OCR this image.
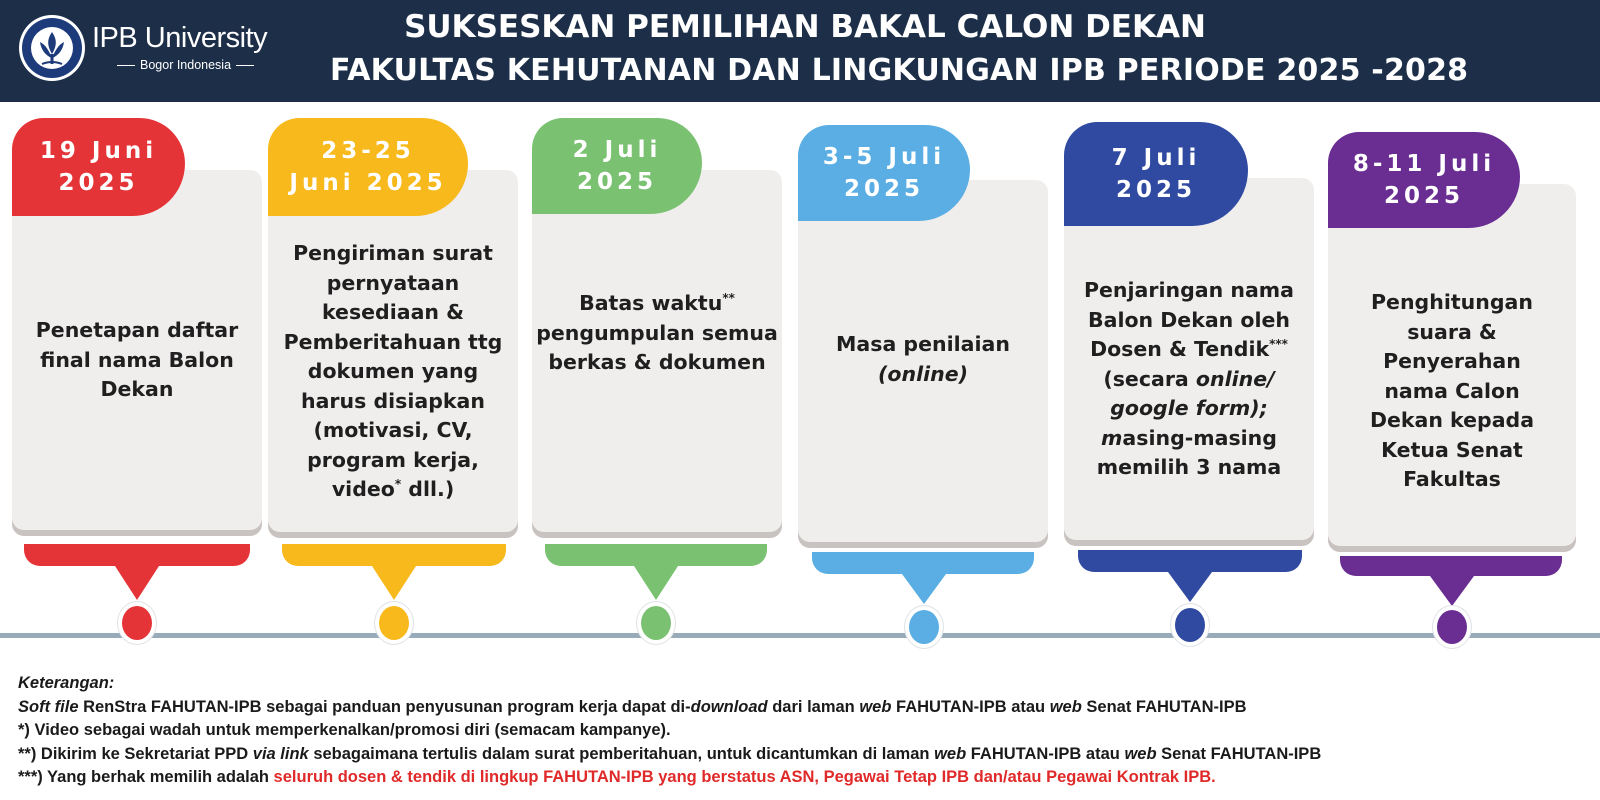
IPB University
Bogor Indonesia
SUKSESKAN PEMILIHAN BAKAL CALON DEKAN
FAKULTAS KEHUTANAN DAN LINGKUNGAN IPB PERIODE 2025 -2028
19 Juni
2025
Penetapan daftar
final nama Balon
Dekan
23-25
Juni 2025
Pengiriman surat
pernyataan
kesediaan &
Pemberitahuan ttg
dokumen yang
harus disiapkan
(motivasi, CV,
program kerja,
video* dll.)
2 Juli
2025
Batas waktu**
pengumpulan semua
berkas & dokumen
3-5 Juli
2025
Masa penilaian
(online)
7 Juli
2025
Penjaringan nama
Balon Dekan oleh
Dosen & Tendik***
(secara online/
google form);
masing-masing
memilih 3 nama
8-11 Juli
2025
Penghitungan
suara &
Penyerahan
nama Calon
Dekan kepada
Ketua Senat
Fakultas
Keterangan:
Soft file RenStra FAHUTAN-IPB sebagai panduan penyusunan program kerja dapat di-download dari laman web FAHUTAN-IPB atau web Senat FAHUTAN-IPB
*) Video sebagai wadah untuk memperkenalkan/promosi diri (semacam kampanye).
**) Dikirim ke Sekretariat PPD via link sebagaimana tertulis dalam surat pemberitahuan, untuk dicantumkan di laman web FAHUTAN-IPB atau web Senat FAHUTAN-IPB
***) Yang berhak memilih adalah seluruh dosen & tendik di lingkup FAHUTAN-IPB yang berstatus ASN, Pegawai Tetap IPB dan/atau Pegawai Kontrak IPB.
